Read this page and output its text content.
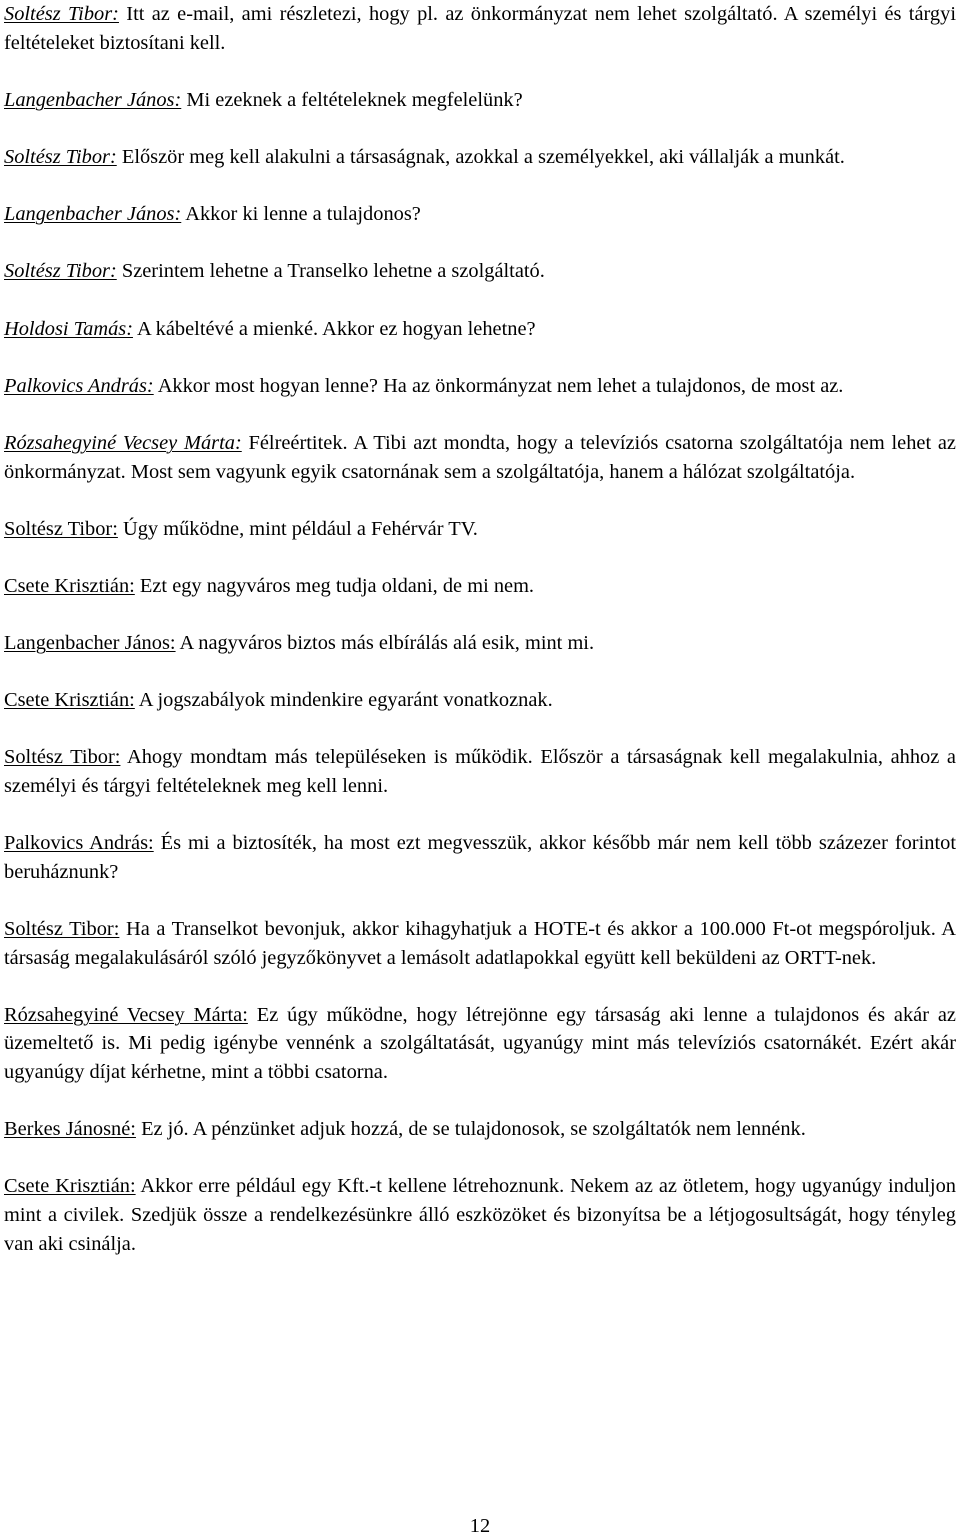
Soltész Tibor: Itt az e-mail, ami részletezi, hogy pl. az önkormányzat nem lehet szolgáltató. A személyi és tárgyi feltételeket biztosítani kell.

Langenbacher János: Mi ezeknek a feltételeknek megfelelünk?

Soltész Tibor: Először meg kell alakulni a társaságnak, azokkal a személyekkel, aki vállalják a munkát.

Langenbacher János: Akkor ki lenne a tulajdonos?

Soltész Tibor: Szerintem lehetne a Transelko lehetne a szolgáltató.

Holdosi Tamás: A kábeltévé a mienké. Akkor ez hogyan lehetne?

Palkovics András: Akkor most hogyan lenne? Ha az önkormányzat nem lehet a tulajdonos, de most az.

Rózsahegyiné Vecsey Márta: Félreértitek. A Tibi azt mondta, hogy a televíziós csatorna szolgáltatója nem lehet az önkormányzat. Most sem vagyunk egyik csatornának sem a szolgáltatója, hanem a hálózat szolgáltatója.

Soltész Tibor: Úgy működne, mint például a Fehérvár TV.

Csete Krisztián: Ezt egy nagyváros meg tudja oldani, de mi nem.

Langenbacher János: A nagyváros biztos más elbírálás alá esik, mint mi.

Csete Krisztián: A jogszabályok mindenkire egyaránt vonatkoznak.

Soltész Tibor: Ahogy mondtam más településeken is működik. Először a társaságnak kell megalakulnia, ahhoz a személyi és tárgyi feltételeknek meg kell lenni.

Palkovics András: És mi a biztosíték, ha most ezt megvesszük, akkor később már nem kell több százezer forintot beruháznunk?

Soltész Tibor: Ha a Transelkot bevonjuk, akkor kihagyhatjuk a HOTE-t és akkor a 100.000 Ft-ot megspóroljuk. A társaság megalakulásáról szóló jegyzőkönyvet a lemásolt adatlapokkal együtt kell beküldeni az ORTT-nek.

Rózsahegyiné Vecsey Márta: Ez úgy működne, hogy létrejönne egy társaság aki lenne a tulajdonos és akár az üzemeltető is. Mi pedig igénybe vennénk a szolgáltatását, ugyanúgy mint más televíziós csatornákét. Ezért akár ugyanúgy díjat kérhetne, mint a többi csatorna.

Berkes Jánosné: Ez jó. A pénzünket adjuk hozzá, de se tulajdonosok, se szolgáltatók nem lennénk.

Csete Krisztián: Akkor erre például egy Kft.-t kellene létrehoznunk. Nekem az az ötletem, hogy ugyanúgy induljon mint a civilek. Szedjük össze a rendelkezésünkre álló eszközöket és bizonyítsa be a létjogosultságát, hogy tényleg van aki csinálja.

12
